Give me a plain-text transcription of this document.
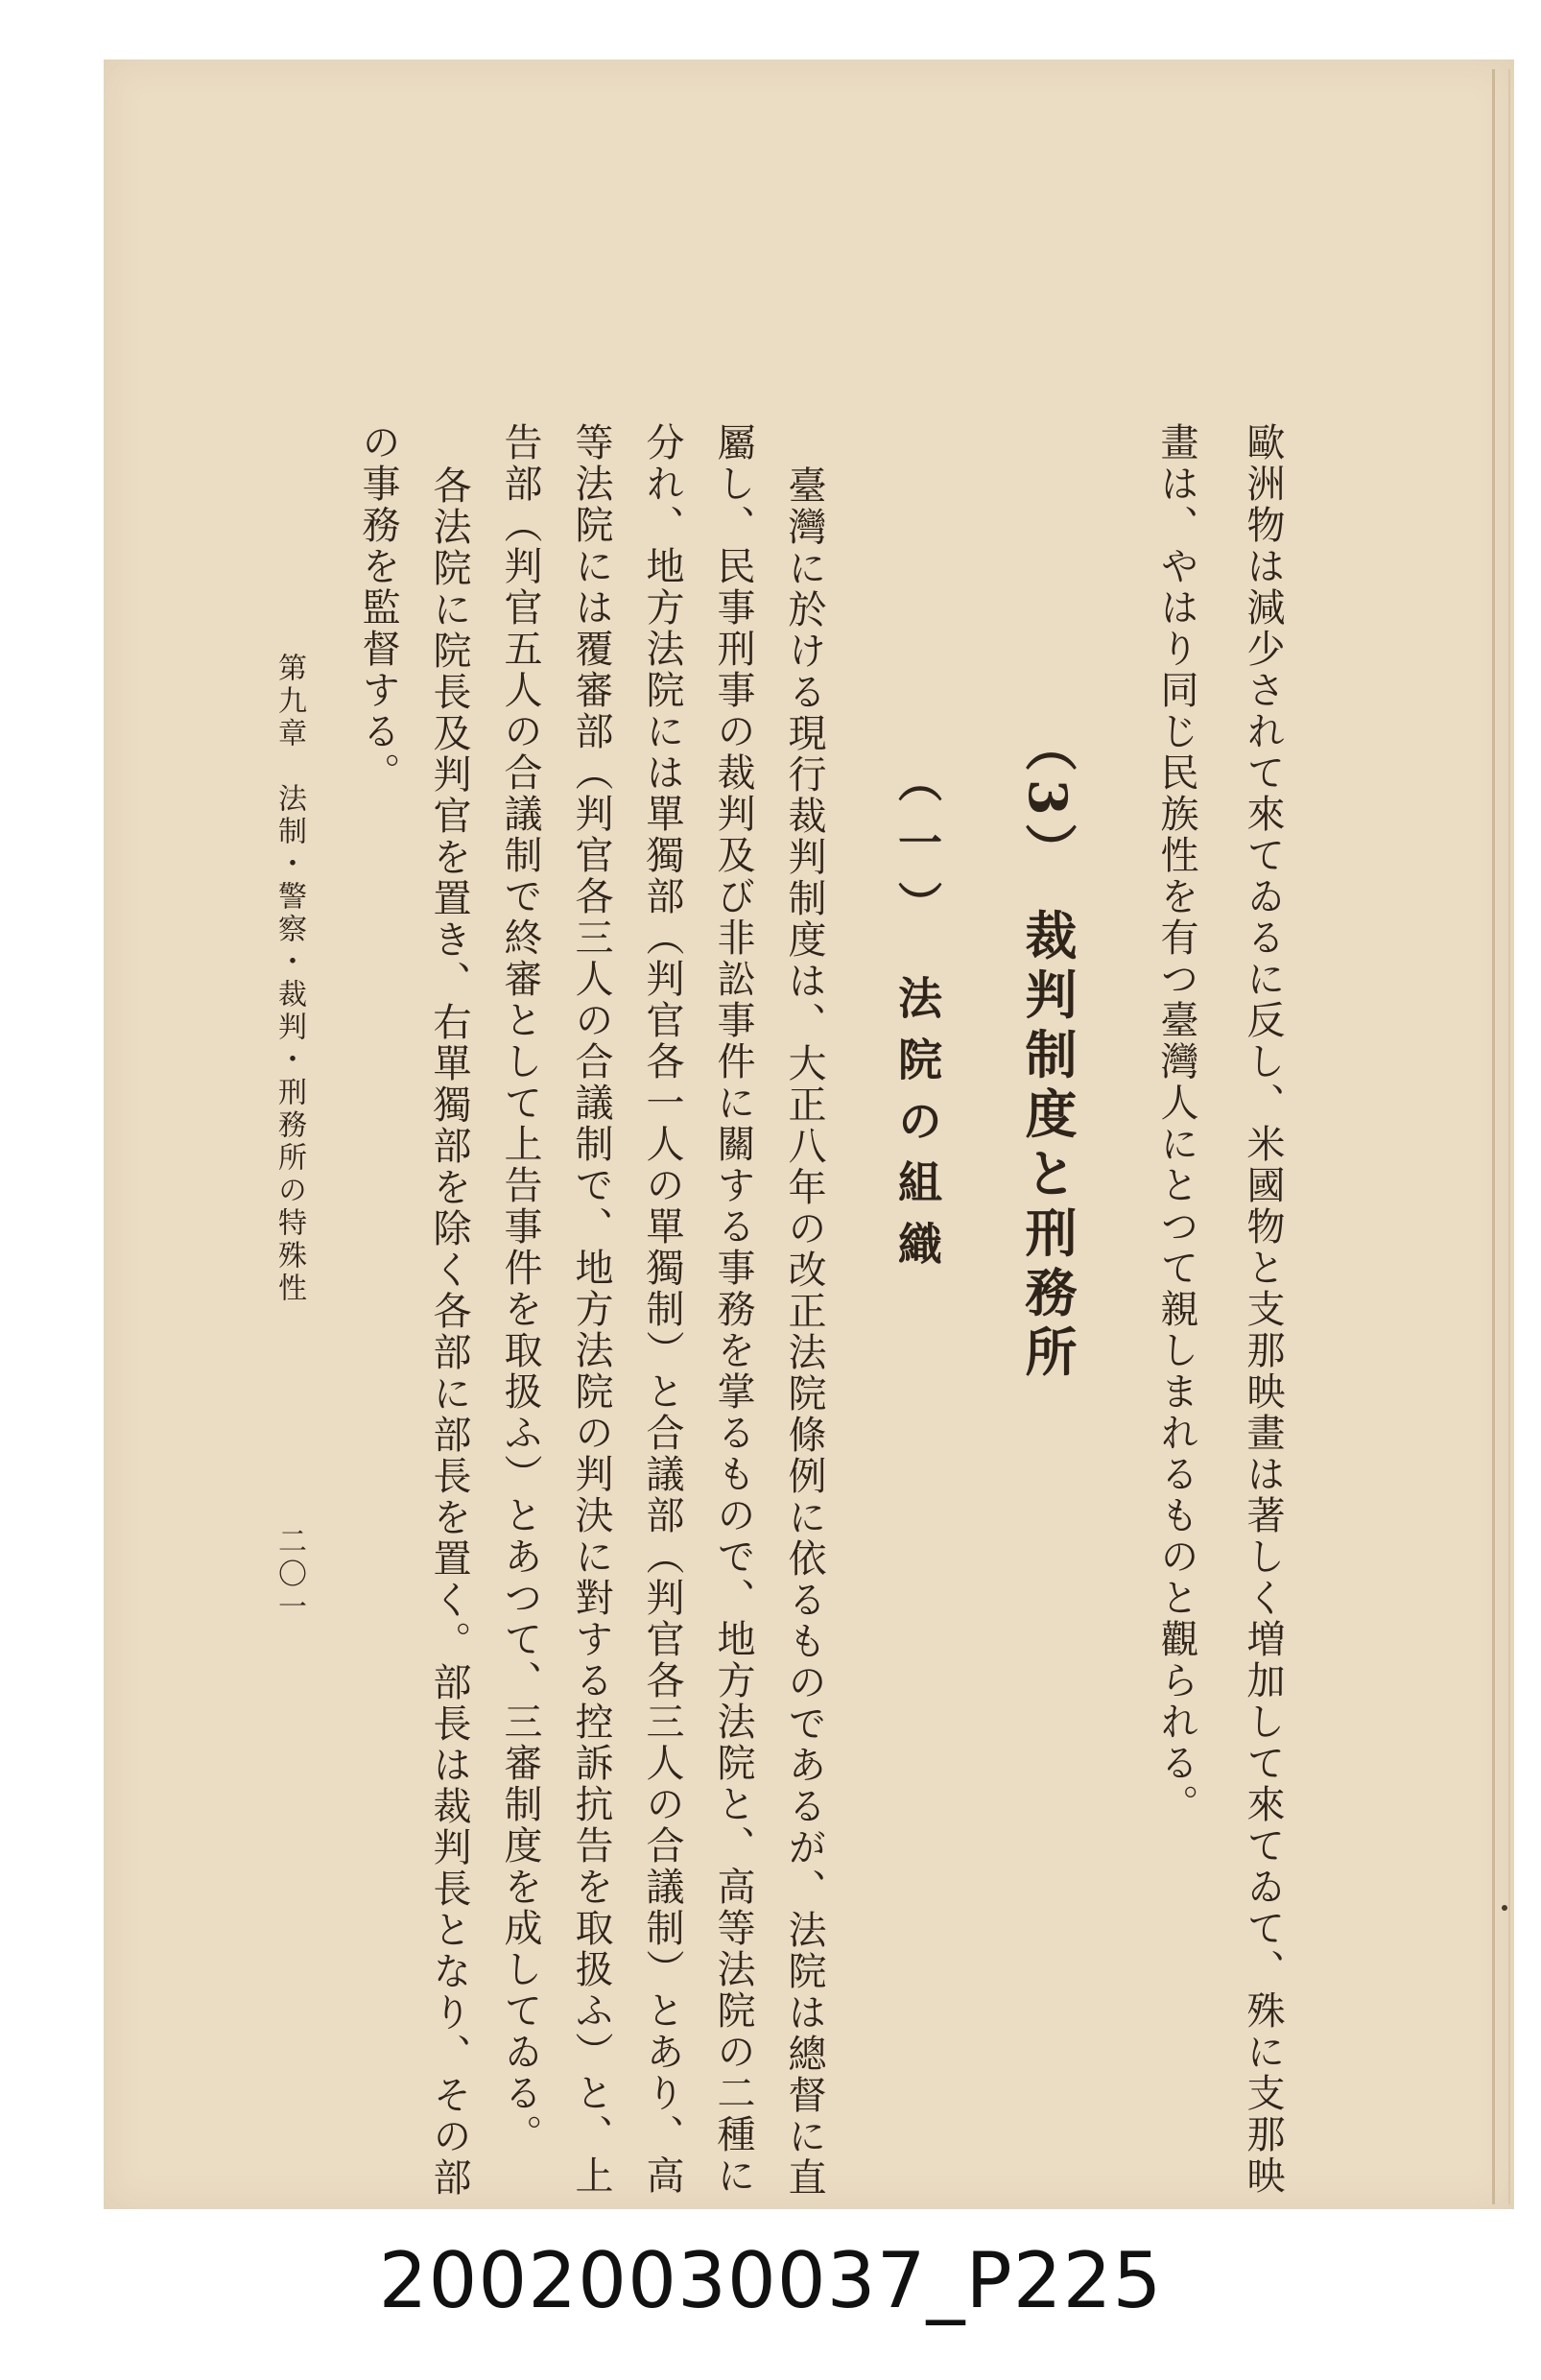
歐洲物は減少されて來てゐるに反し、米國物と支那映畫は著しく増加して來てゐて、殊に支那映
畫は、やはり同じ民族性を有つ臺灣人にとつて親しまれるものと觀られる。
（3） 裁判制度と刑務所
（一） 法院の組織
臺灣に於ける現行裁判制度は、大正八年の改正法院條例に依るものであるが、法院は總督に直
屬し、民事刑事の裁判及び非訟事件に關する事務を掌るもので、地方法院と、高等法院の二種に
分れ、地方法院には單獨部（判官各一人の單獨制）と合議部（判官各三人の合議制）とあり、高
等法院には覆審部（判官各三人の合議制で、地方法院の判決に對する控訴抗告を取扱ふ）と、上
告部（判官五人の合議制で終審として上告事件を取扱ふ）とあつて、三審制度を成してゐる。
各法院に院長及判官を置き、右單獨部を除く各部に部長を置く。部長は裁判長となり、その部
の事務を監督する。
第九章　法制・警察・裁判・刑務所の特殊性
二〇一
20020030037_P225
